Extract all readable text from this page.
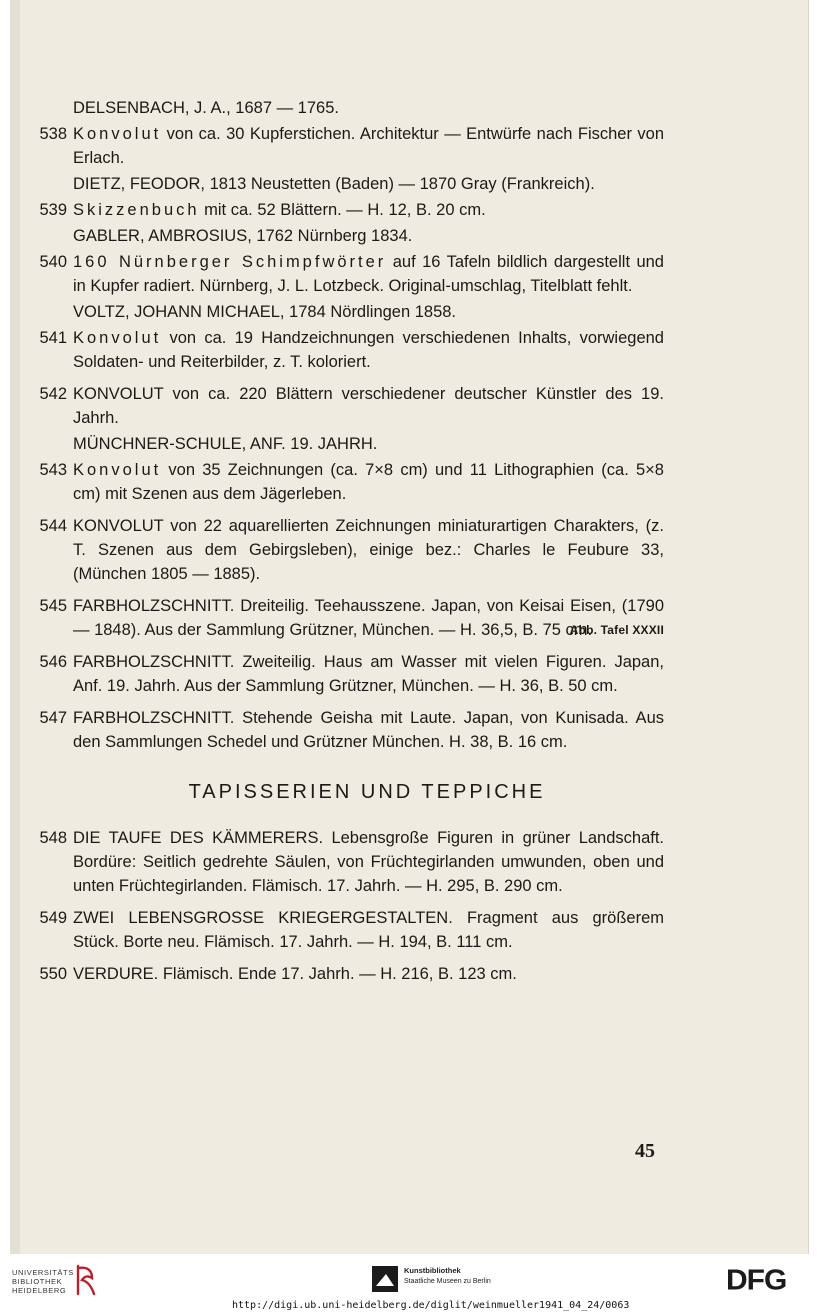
DELSENBACH, J. A., 1687 — 1765.
538 Konvolut von ca. 30 Kupferstichen. Architektur — Entwürfe nach Fischer von Erlach.
DIETZ, FEODOR, 1813 Neustetten (Baden) — 1870 Gray (Frankreich).
539 Skizzenbuch mit ca. 52 Blättern. — H. 12, B. 20 cm.
GABLER, AMBROSIUS, 1762 Nürnberg 1834.
540 160 Nürnberger Schimpfwörter auf 16 Tafeln bildlich dargestellt und in Kupfer radiert. Nürnberg, J. L. Lotzbeck. Original-umschlag, Titelblatt fehlt.
VOLTZ, JOHANN MICHAEL, 1784 Nördlingen 1858.
541 Konvolut von ca. 19 Handzeichnungen verschiedenen Inhalts, vorwiegend Soldaten- und Reiterbilder, z. T. koloriert.
542 KONVOLUT von ca. 220 Blättern verschiedener deutscher Künstler des 19. Jahrh.
MÜNCHNER-SCHULE, ANF. 19. JAHRH.
543 Konvolut von 35 Zeichnungen (ca. 7×8 cm) und 11 Lithographien (ca. 5×8 cm) mit Szenen aus dem Jägerleben.
544 KONVOLUT von 22 aquarellierten Zeichnungen miniaturartigen Charakters, (z. T. Szenen aus dem Gebirgsleben), einige bez.: Charles le Feubure 33, (München 1805 — 1885).
545 FARBHOLZSCHNITT. Dreiteilig. Teehausszene. Japan, von Keisai Eisen, (1790 — 1848). Aus der Sammlung Grützner, München. — H. 36,5, B. 75 cm.
Abb. Tafel XXXII
546 FARBHOLZSCHNITT. Zweiteilig. Haus am Wasser mit vielen Figuren. Japan, Anf. 19. Jahrh. Aus der Sammlung Grützner, München. — H. 36, B. 50 cm.
547 FARBHOLZSCHNITT. Stehende Geisha mit Laute. Japan, von Kunisada. Aus den Sammlungen Schedel und Grützner München. H. 38, B. 16 cm.
TAPISSERIEN UND TEPPICHE
548 DIE TAUFE DES KÄMMERERS. Lebensgroße Figuren in grüner Landschaft. Bordüre: Seitlich gedrehte Säulen, von Früchtegirlanden umwunden, oben und unten Früchtegirlanden. Flämisch. 17. Jahrh. — H. 295, B. 290 cm.
549 ZWEI LEBENSGROSSE KRIEGERGESTALTEN. Fragment aus größerem Stück. Borte neu. Flämisch. 17. Jahrh. — H. 194, B. 111 cm.
550 VERDURE. Flämisch. Ende 17. Jahrh. — H. 216, B. 123 cm.
45
UNIVERSITÄTS
BIBLIOTHEK
HEIDELBERG
Kunstbibliothek
Staatliche Museen zu Berlin	DFG
http://digi.ub.uni-heidelberg.de/diglit/weinmueller1941_04_24/0063
